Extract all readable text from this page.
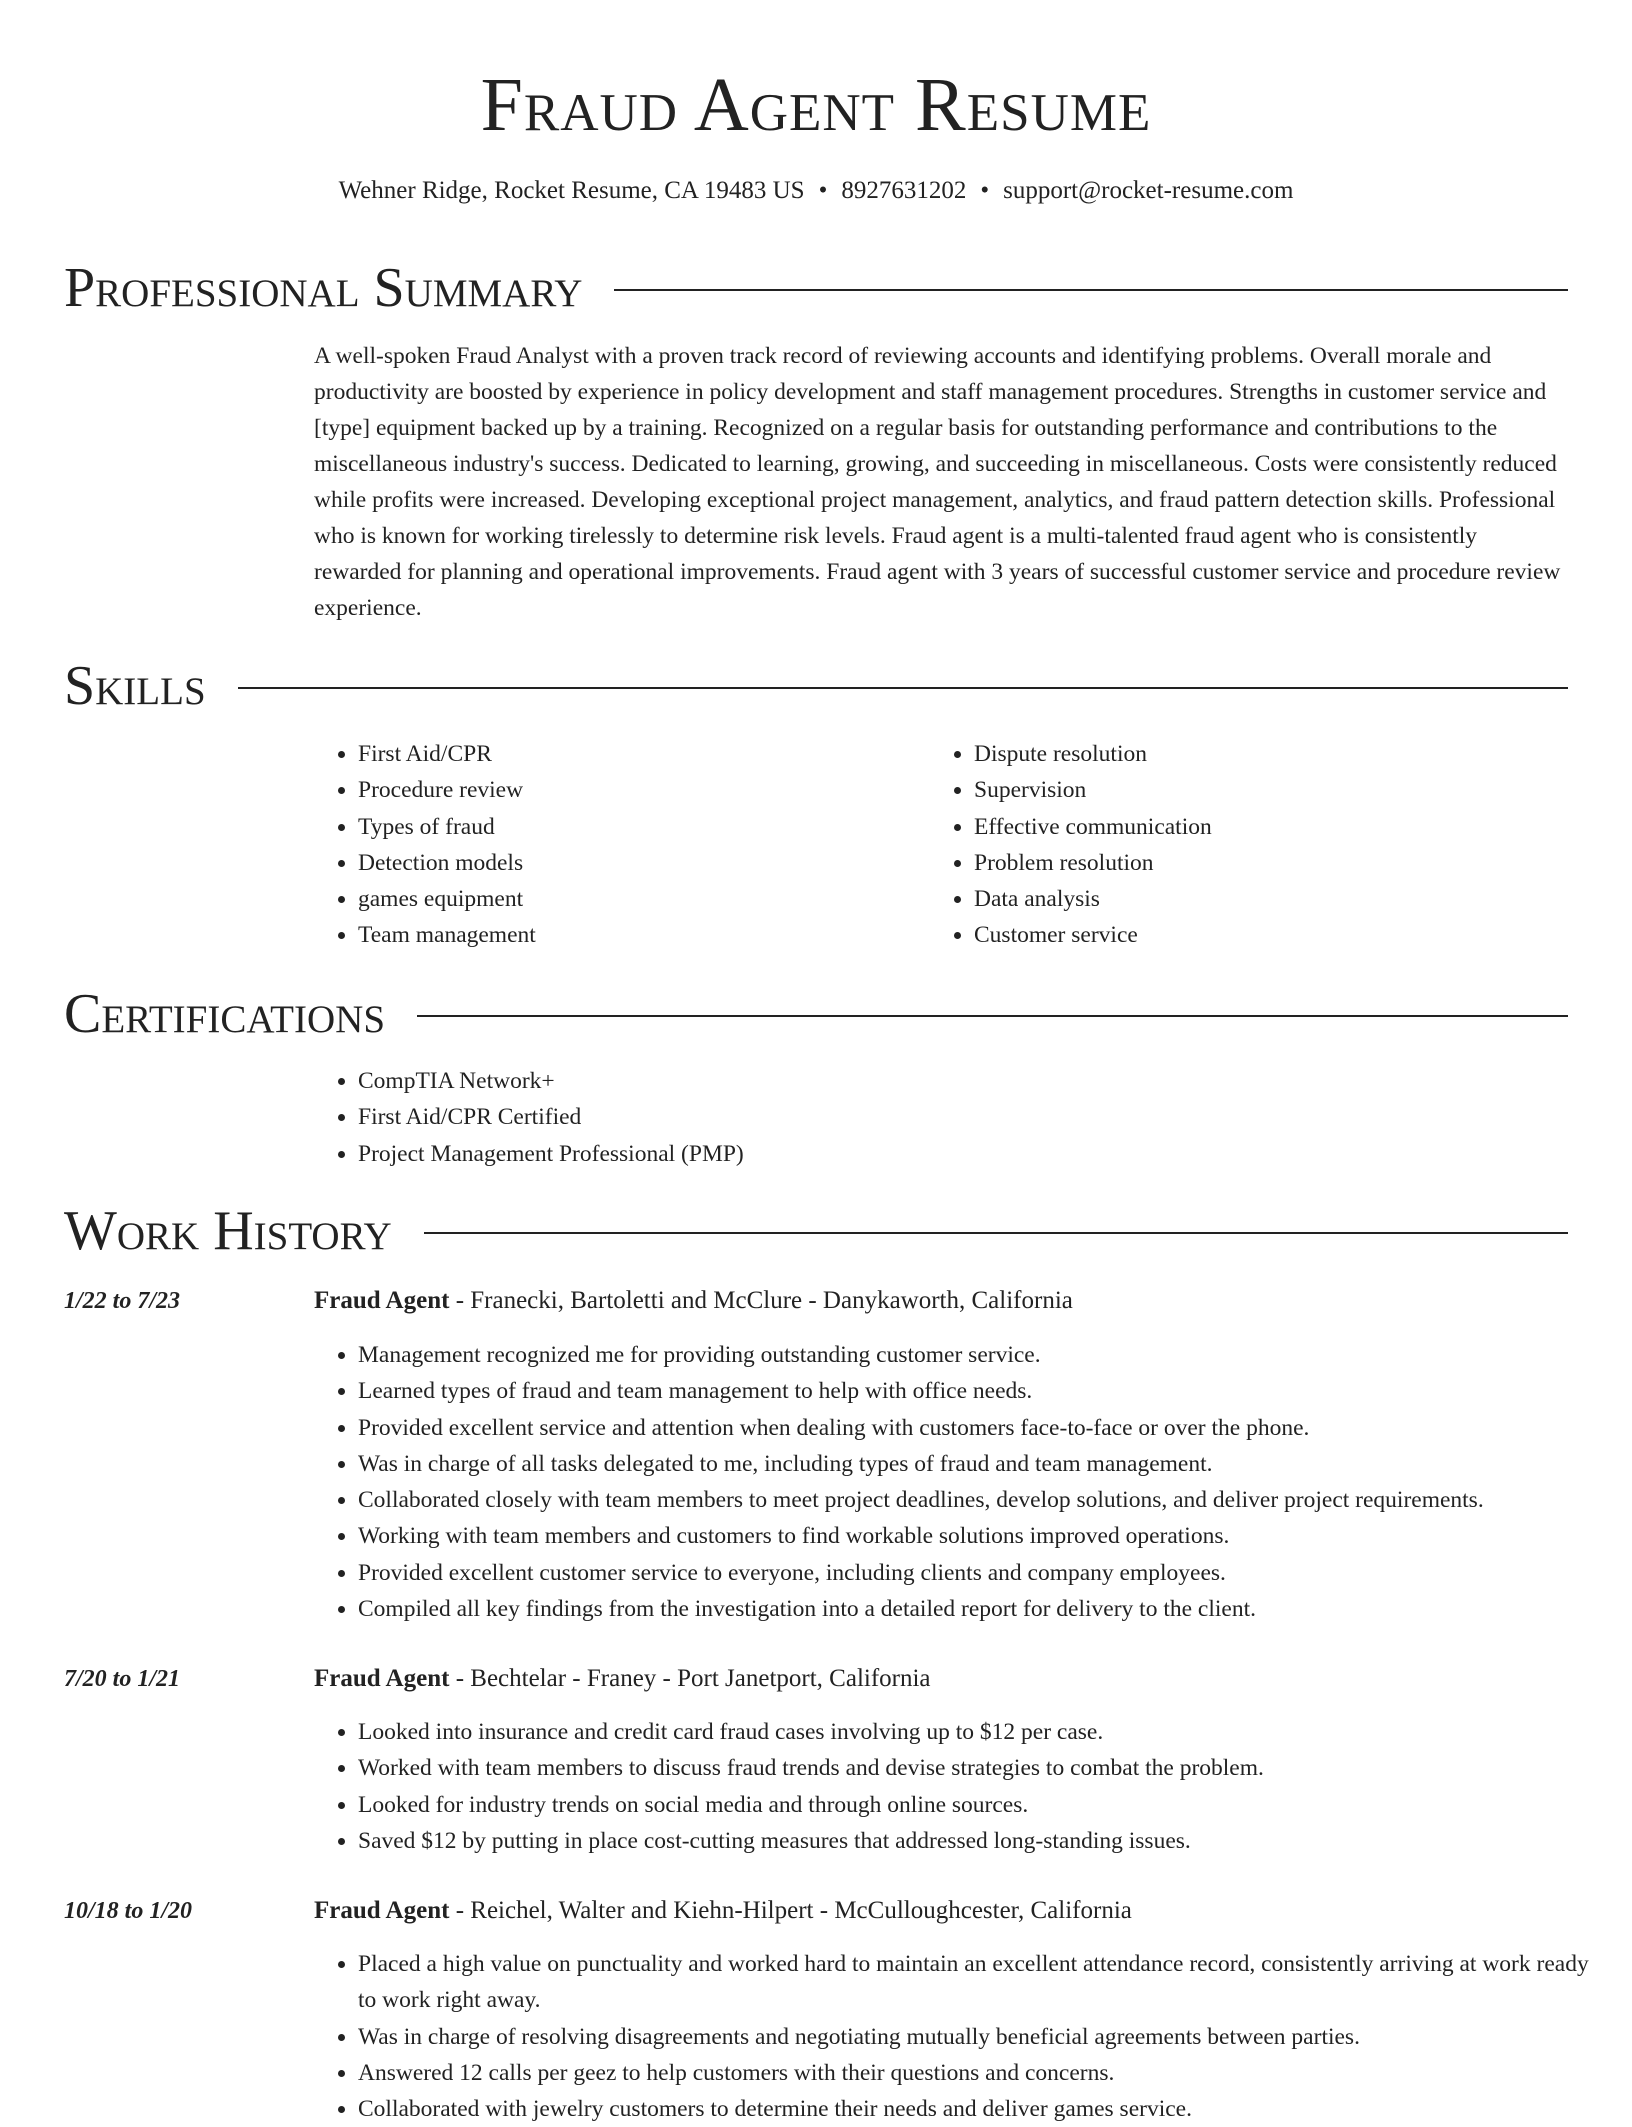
Fraud Agent Resume
Wehner Ridge, Rocket Resume, CA 19483 US • 8927631202 • support@rocket-resume.com
Professional Summary

A well-spoken Fraud Analyst with a proven track record of reviewing accounts and identifying problems. Overall morale and productivity are boosted by experience in policy development and staff management procedures. Strengths in customer service and [type] equipment backed up by a training. Recognized on a regular basis for outstanding performance and contributions to the miscellaneous industry's success. Dedicated to learning, growing, and succeeding in miscellaneous. Costs were consistently reduced while profits were increased. Developing exceptional project management, analytics, and fraud pattern detection skills. Professional who is known for working tirelessly to determine risk levels. Fraud agent is a multi-talented fraud agent who is consistently rewarded for planning and operational improvements. Fraud agent with 3 years of successful customer service and procedure review experience.

Skills
• First Aid/CPR
• Procedure review
• Types of fraud
• Detection models
• games equipment
• Team management
• Dispute resolution
• Supervision
• Effective communication
• Problem resolution
• Data analysis
• Customer service
Certifications
• CompTIA Network+
• First Aid/CPR Certified
• Project Management Professional (PMP)
Work History
1/22 to 7/23	Fraud Agent - Franecki, Bartoletti and McClure - Danykaworth, California
• Management recognized me for providing outstanding customer service.
• Learned types of fraud and team management to help with office needs.
• Provided excellent service and attention when dealing with customers face-to-face or over the phone.
• Was in charge of all tasks delegated to me, including types of fraud and team management.
• Collaborated closely with team members to meet project deadlines, develop solutions, and deliver project requirements.
• Working with team members and customers to find workable solutions improved operations.
• Provided excellent customer service to everyone, including clients and company employees.
• Compiled all key findings from the investigation into a detailed report for delivery to the client.
7/20 to 1/21	Fraud Agent - Bechtelar - Franey - Port Janetport, California
• Looked into insurance and credit card fraud cases involving up to $12 per case.
• Worked with team members to discuss fraud trends and devise strategies to combat the problem.
• Looked for industry trends on social media and through online sources.
• Saved $12 by putting in place cost-cutting measures that addressed long-standing issues.
10/18 to 1/20	Fraud Agent - Reichel, Walter and Kiehn-Hilpert - McCulloughcester, California
• Placed a high value on punctuality and worked hard to maintain an excellent attendance record, consistently arriving at work ready to work right away.
• Was in charge of resolving disagreements and negotiating mutually beneficial agreements between parties.
• Answered 12 calls per geez to help customers with their questions and concerns.
• Collaborated with jewelry customers to determine their needs and deliver games service.
